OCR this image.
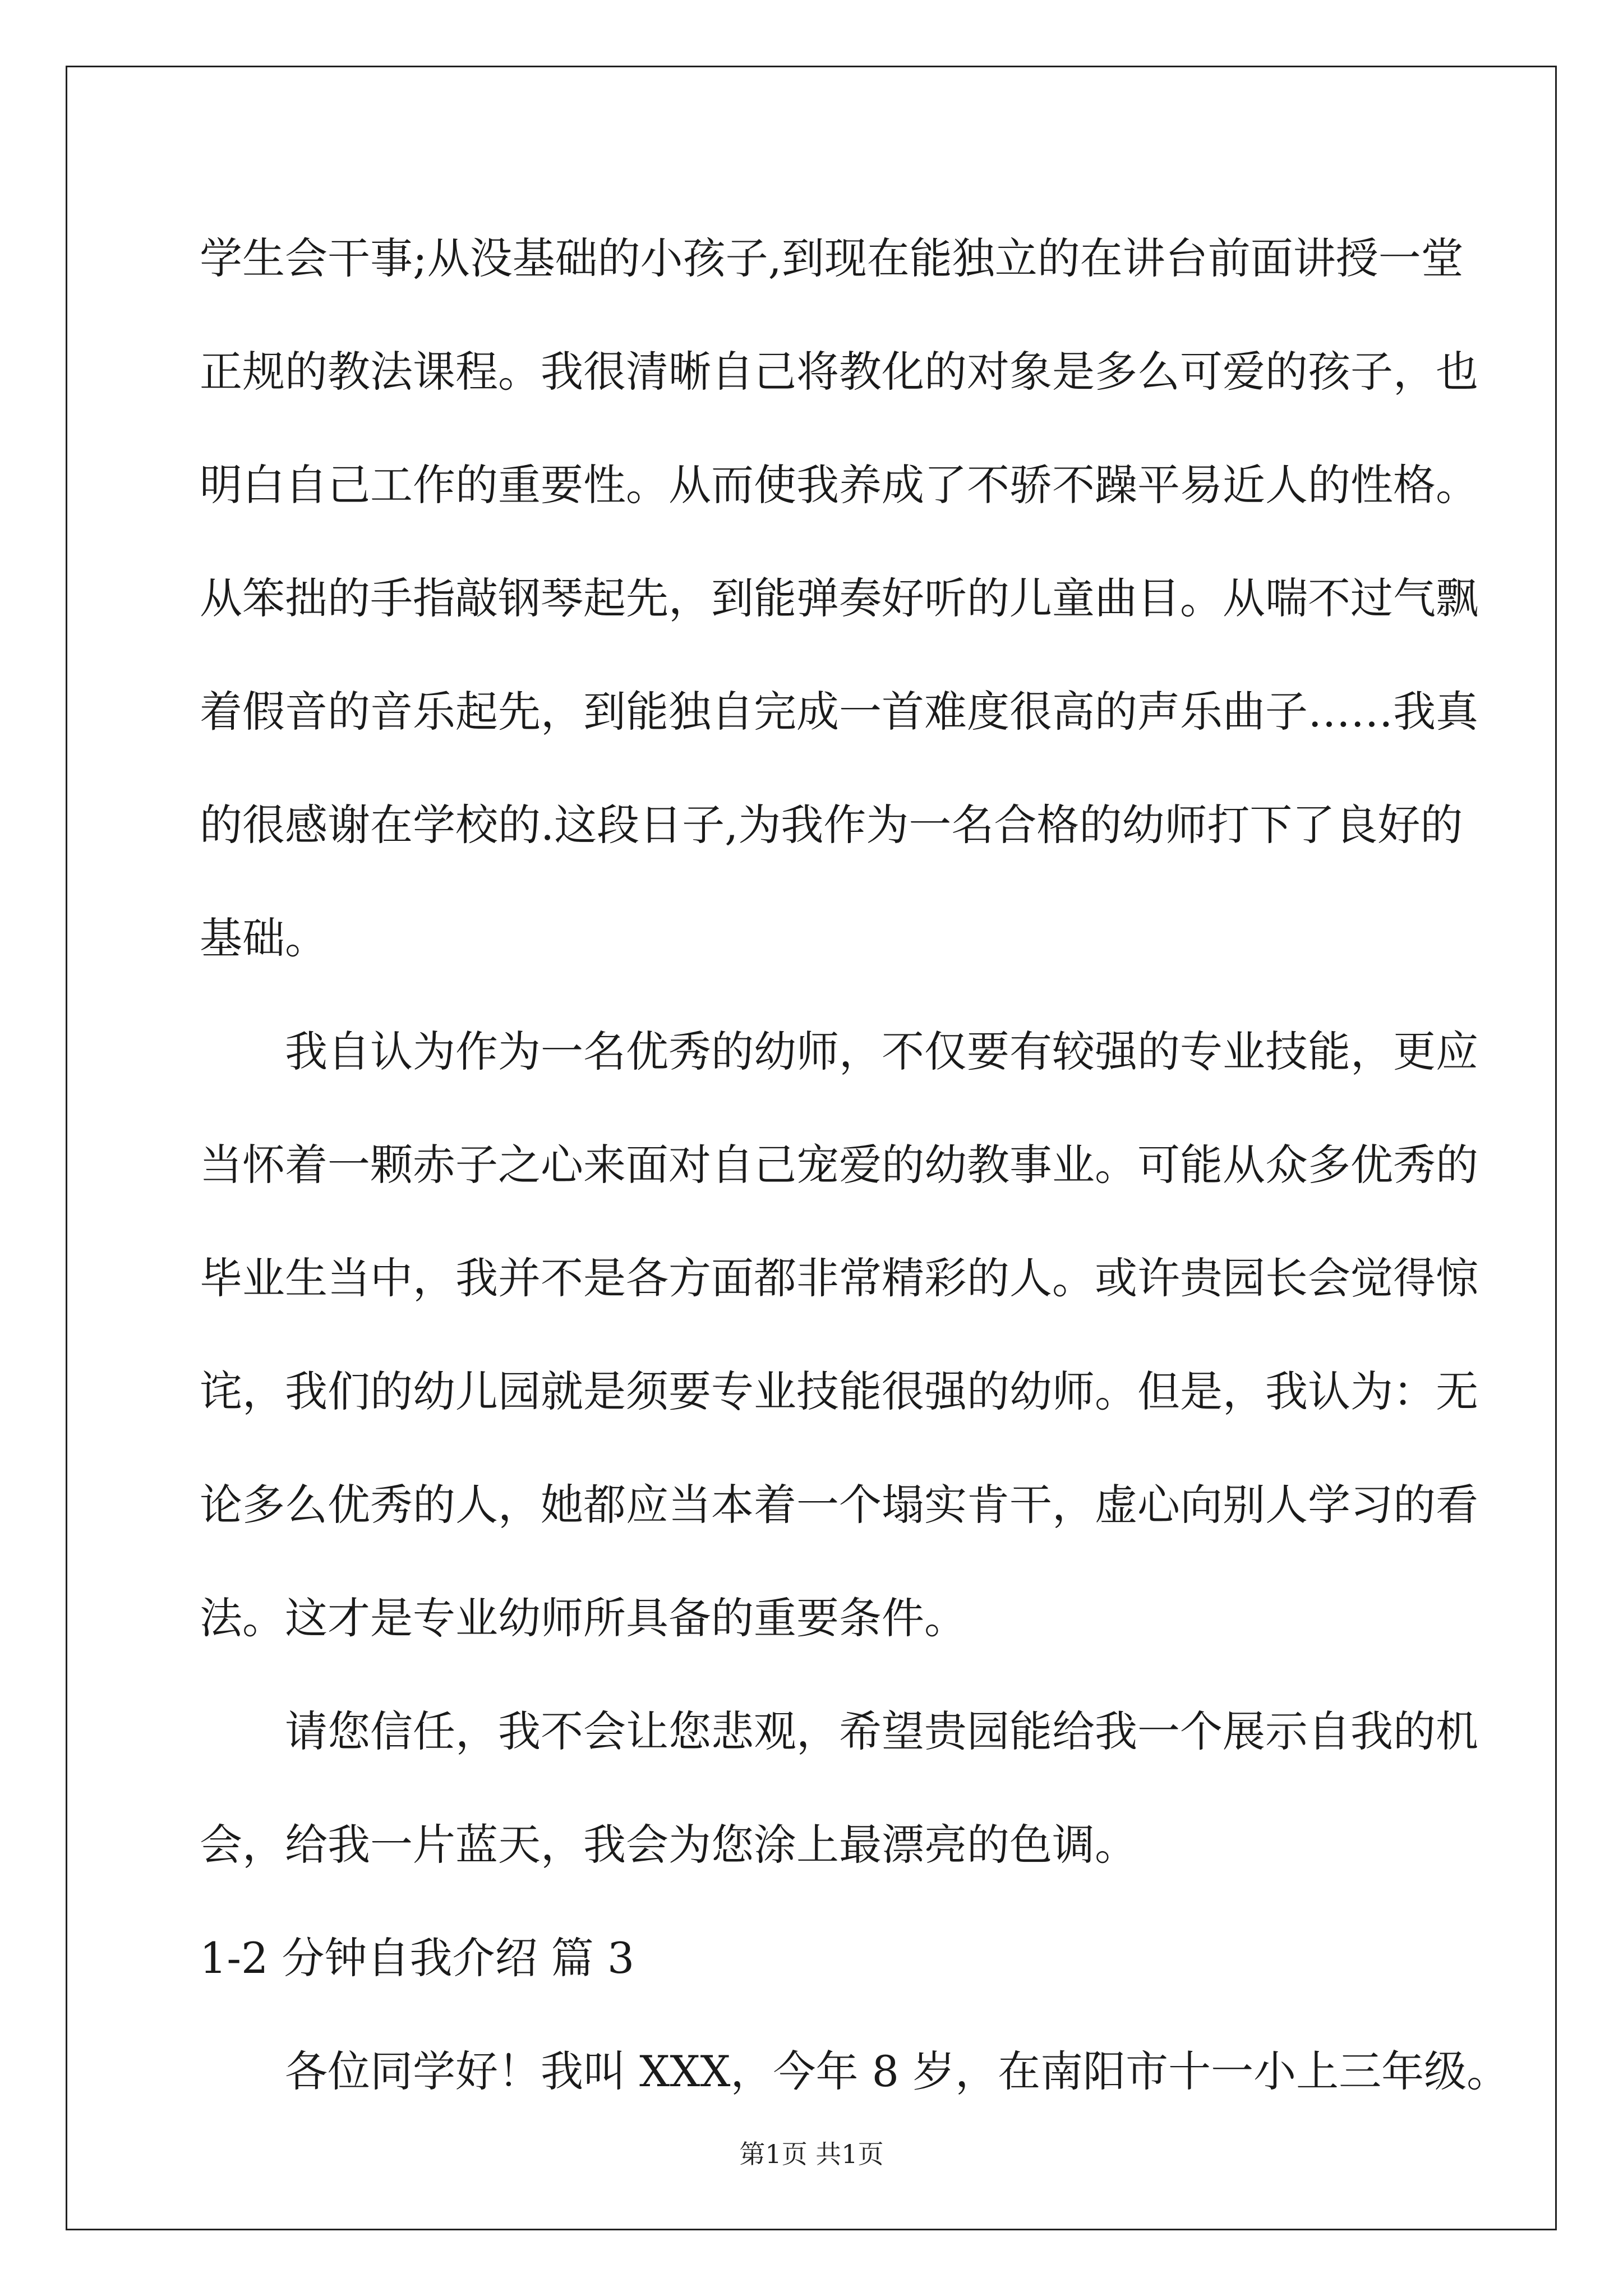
学生会干事;从没基础的小孩子,到现在能独立的在讲台前面讲授一堂

正规的教法课程。我很清晰自己将教化的对象是多么可爱的孩子，也

明白自己工作的重要性。从而使我养成了不骄不躁平易近人的性格。

从笨拙的手指敲钢琴起先，到能弹奏好听的儿童曲目。从喘不过气飘

着假音的音乐起先，到能独自完成一首难度很高的声乐曲子……我真

的很感谢在学校的.这段日子,为我作为一名合格的幼师打下了良好的

基础。

我自认为作为一名优秀的幼师，不仅要有较强的专业技能，更应

当怀着一颗赤子之心来面对自己宠爱的幼教事业。可能从众多优秀的

毕业生当中，我并不是各方面都非常精彩的人。或许贵园长会觉得惊

诧，我们的幼儿园就是须要专业技能很强的幼师。但是，我认为：无

论多么优秀的人，她都应当本着一个塌实肯干，虚心向别人学习的看

法。这才是专业幼师所具备的重要条件。

请您信任，我不会让您悲观，希望贵园能给我一个展示自我的机

会，给我一片蓝天，我会为您涂上最漂亮的色调。

1-2 分钟自我介绍 篇 3

各位同学好！我叫 XXX，今年 8 岁，在南阳市十一小上三年级。

第1页 共1页
